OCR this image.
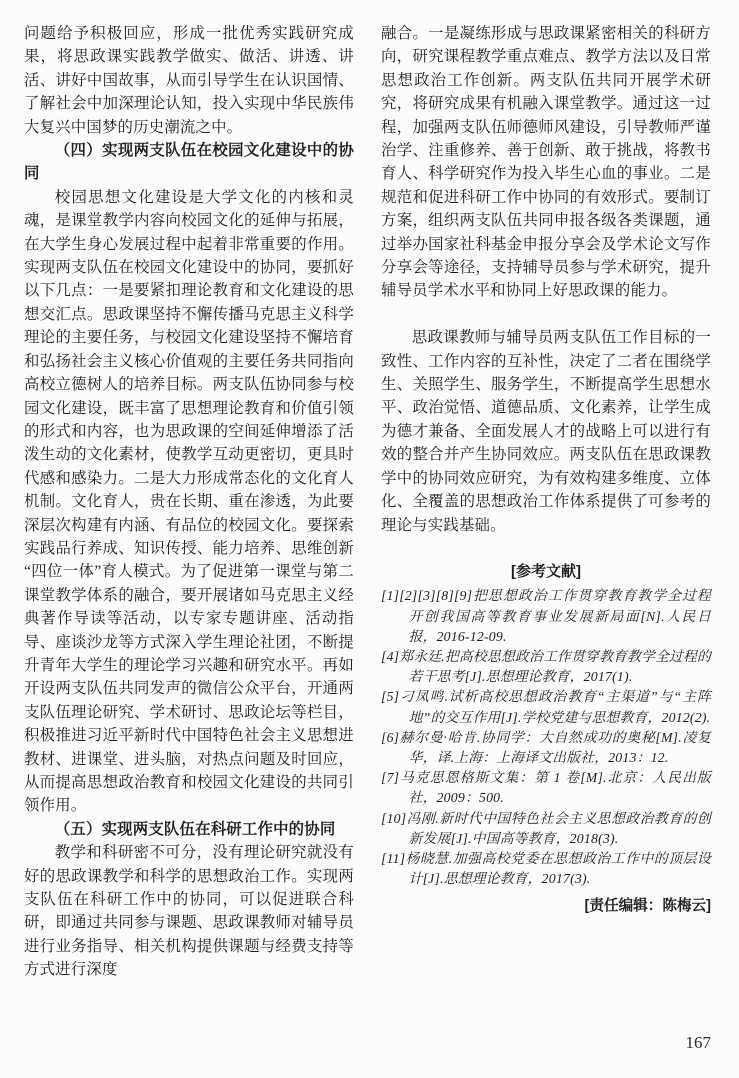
问题给予积极回应，形成一批优秀实践研究成果，将思政课实践教学做实、做活、讲透、讲活、讲好中国故事，从而引导学生在认识国情、了解社会中加深理论认知，投入实现中华民族伟大复兴中国梦的历史潮流之中。

（四）实现两支队伍在校园文化建设中的协同

校园思想文化建设是大学文化的内核和灵魂，是课堂教学内容向校园文化的延伸与拓展，在大学生身心发展过程中起着非常重要的作用。实现两支队伍在校园文化建设中的协同，要抓好以下几点：一是要紧扣理论教育和文化建设的思想交汇点。思政课坚持不懈传播马克思主义科学理论的主要任务，与校园文化建设坚持不懈培育和弘扬社会主义核心价值观的主要任务共同指向高校立德树人的培养目标。两支队伍协同参与校园文化建设，既丰富了思想理论教育和价值引领的形式和内容，也为思政课的空间延伸增添了活泼生动的文化素材，使教学互动更密切，更具时代感和感染力。二是大力形成常态化的文化育人机制。文化育人，贵在长期、重在渗透，为此要深层次构建有内涵、有品位的校园文化。要探索实践品行养成、知识传授、能力培养、思维创新“四位一体”育人模式。为了促进第一课堂与第二课堂教学体系的融合，要开展诸如马克思主义经典著作导读等活动，以专家专题讲座、活动指导、座谈沙龙等方式深入学生理论社团，不断提升青年大学生的理论学习兴趣和研究水平。再如开设两支队伍共同发声的微信公众平台，开通两支队伍理论研究、学术研讨、思政论坛等栏目，积极推进习近平新时代中国特色社会主义思想进教材、进课堂、进头脑，对热点问题及时回应，从而提高思想政治教育和校园文化建设的共同引领作用。

（五）实现两支队伍在科研工作中的协同

教学和科研密不可分，没有理论研究就没有好的思政课教学和科学的思想政治工作。实现两支队伍在科研工作中的协同，可以促进联合科研，即通过共同参与课题、思政课教师对辅导员进行业务指导、相关机构提供课题与经费支持等方式进行深度

融合。一是凝练形成与思政课紧密相关的科研方向，研究课程教学重点难点、教学方法以及日常思想政治工作创新。两支队伍共同开展学术研究，将研究成果有机融入课堂教学。通过这一过程，加强两支队伍师德师风建设，引导教师严谨治学、注重修养、善于创新、敢于挑战，将教书育人、科学研究作为投入毕生心血的事业。二是规范和促进科研工作中协同的有效形式。要制订方案，组织两支队伍共同申报各级各类课题，通过举办国家社科基金申报分享会及学术论文写作分享会等途径，支持辅导员参与学术研究，提升辅导员学术水平和协同上好思政课的能力。

思政课教师与辅导员两支队伍工作目标的一致性、工作内容的互补性，决定了二者在围绕学生、关照学生、服务学生，不断提高学生思想水平、政治觉悟、道德品质、文化素养，让学生成为德才兼备、全面发展人才的战略上可以进行有效的整合并产生协同效应。两支队伍在思政课教学中的协同效应研究，为有效构建多维度、立体化、全覆盖的思想政治工作体系提供了可参考的理论与实践基础。

[参考文献]

[1][2][3][8][9]把思想政治工作贯穿教育教学全过程　开创我国高等教育事业发展新局面[N].人民日报，2016-12-09.

[4]郑永廷.把高校思想政治工作贯穿教育教学全过程的若干思考[J].思想理论教育，2017(1).

[5]刁凤鸣.试析高校思想政治教育“主渠道”与“主阵地”的交互作用[J].学校党建与思想教育，2012(2).

[6]赫尔曼·哈肯.协同学：大自然成功的奥秘[M].凌复华，译.上海：上海译文出版社，2013：12.

[7]马克思恩格斯文集：第 1 卷[M].北京：人民出版社，2009：500.

[10]冯刚.新时代中国特色社会主义思想政治教育的创新发展[J].中国高等教育，2018(3).

[11]杨晓慧.加强高校党委在思想政治工作中的顶层设计[J].思想理论教育，2017(3).

[责任编辑：陈梅云]

167
